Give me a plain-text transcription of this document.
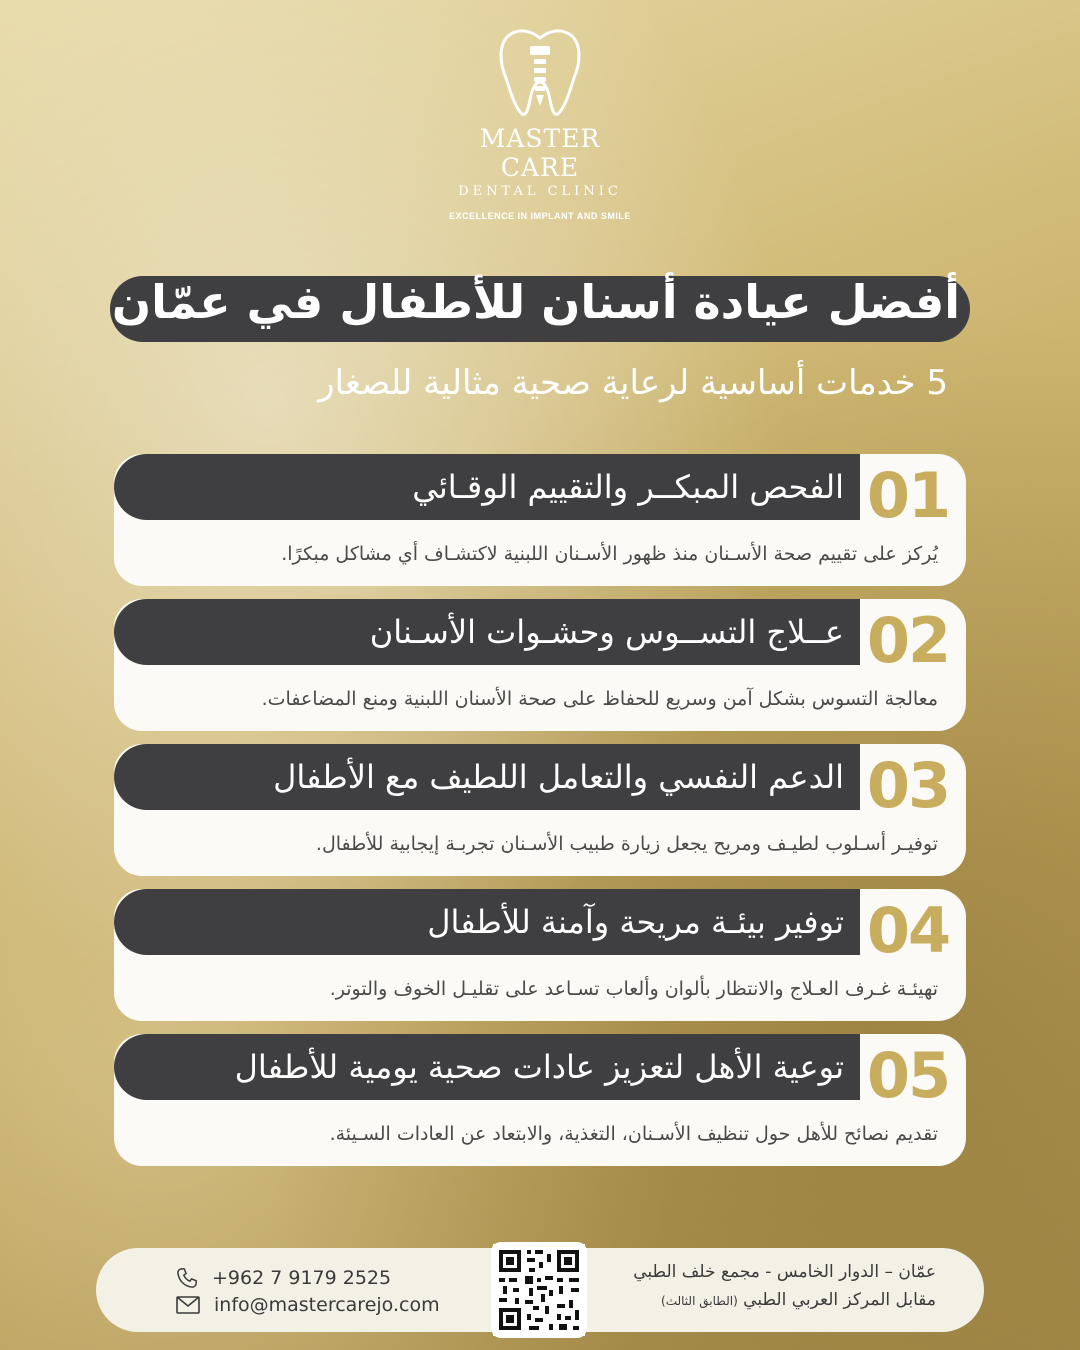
MASTER CARE
DENTAL CLINIC
EXCELLENCE IN IMPLANT AND SMILE
أفضل عيادة أسنان للأطفال في عمّان
5 خدمات أساسية لرعاية صحية مثالية للصغار
01
الفحص المبكــر والتقييم الوقـائي
يُركز على تقييم صحة الأسـنان منذ ظهور الأسـنان اللبنية لاكتشـاف أي مشاكل مبكرًا.
02
عــلاج التســوس وحشـوات الأسـنان
معالجة التسوس بشكل آمن وسريع للحفاظ على صحة الأسنان اللبنية ومنع المضاعفات.
03
الدعم النفسي والتعامل اللطيف مع الأطفال
توفيـر أسـلوب لطيـف ومريح يجعل زيارة طبيب الأسـنان تجربـة إيجابية للأطفال.
04
توفير بيئـة مريحة وآمنة للأطفال
تهيئـة غـرف العـلاج والانتظار بألوان وألعاب تسـاعد على تقليـل الخوف والتوتر.
05
توعية الأهل لتعزيز عادات صحية يومية للأطفال
تقديم نصائح للأهل حول تنظيف الأسـنان، التغذية، والابتعاد عن العادات السـيئة.
+962 7 9179 2525
info@mastercarejo.com
عمّان – الدوار الخامس - مجمع خلف الطبي
مقابل المركز العربي الطبي (الطابق الثالث)
